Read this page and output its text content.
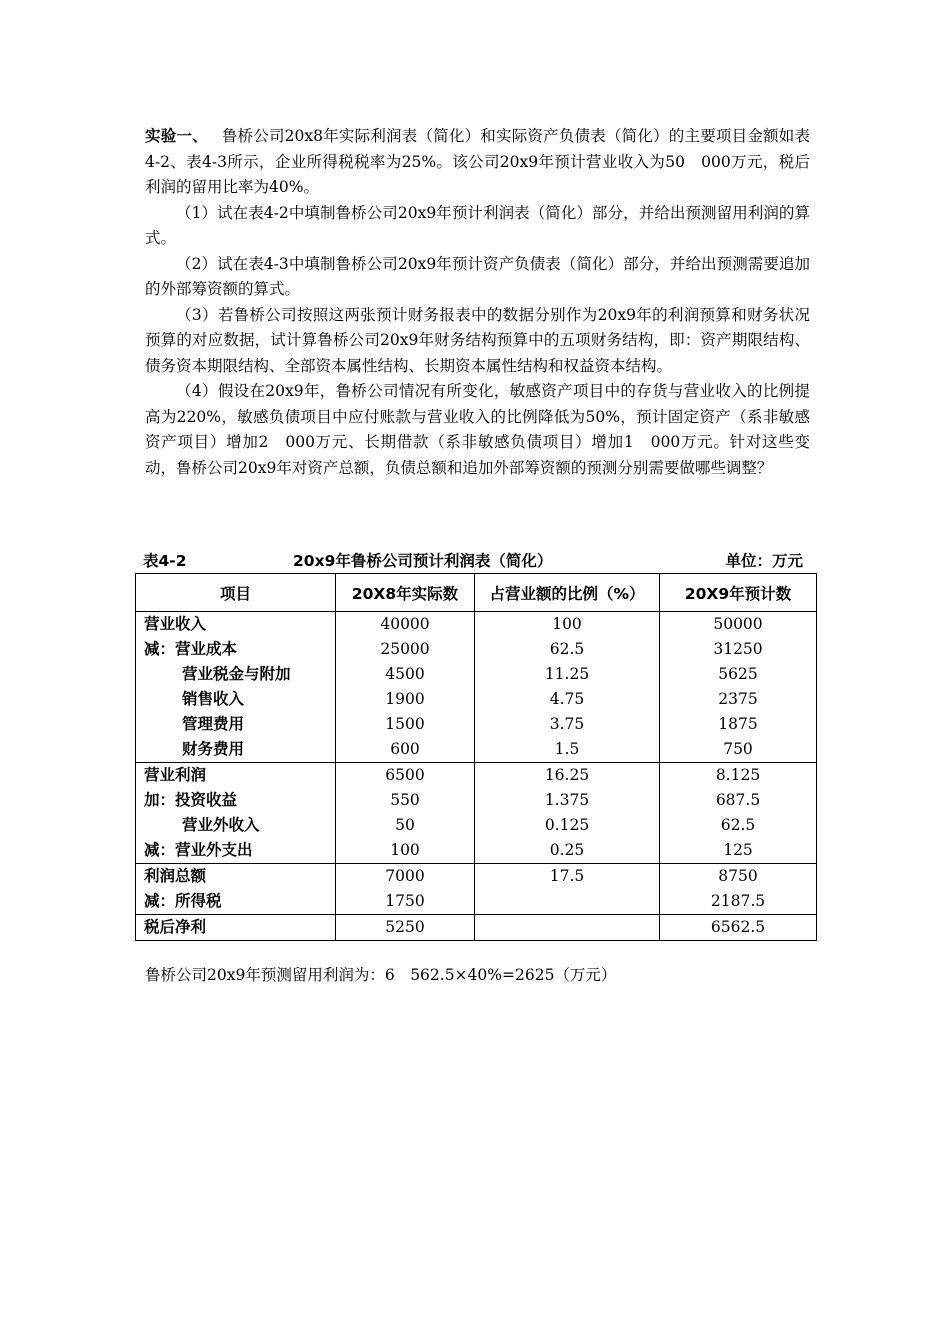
实验一、 鲁桥公司20x8年实际利润表（简化）和实际资产负债表（简化）的主要项目金额如表4-2、表4-3所示，企业所得税税率为25%。该公司20x9年预计营业收入为50　000万元，税后利润的留用比率为40%。

（1）试在表4-2中填制鲁桥公司20x9年预计利润表（简化）部分，并给出预测留用利润的算式。

（2）试在表4-3中填制鲁桥公司20x9年预计资产负债表（简化）部分，并给出预测需要追加的外部筹资额的算式。

（3）若鲁桥公司按照这两张预计财务报表中的数据分别作为20x9年的利润预算和财务状况预算的对应数据，试计算鲁桥公司20x9年财务结构预算中的五项财务结构，即：资产期限结构、债务资本期限结构、全部资本属性结构、长期资本属性结构和权益资本结构。

（4）假设在20x9年，鲁桥公司情况有所变化，敏感资产项目中的存货与营业收入的比例提高为220%，敏感负债项目中应付账款与营业收入的比例降低为50%，预计固定资产（系非敏感资产项目）增加2　000万元、长期借款（系非敏感负债项目）增加1　000万元。针对这些变动，鲁桥公司20x9年对资产总额，负债总额和追加外部筹资额的预测分别需要做哪些调整？

表4-2	20x9年鲁桥公司预计利润表（简化）	单位：万元
项目	20X8年实际数	占营业额的比例（%）	20X9年预计数
营业收入	40000	100	50000
减：营业成本	25000	62.5	31250
营业税金与附加	4500	11.25	5625
销售收入	1900	4.75	2375
管理费用	1500	3.75	1875
财务费用	600	1.5	750
营业利润	6500	16.25	8.125
加：投资收益	550	1.375	687.5
营业外收入	50	0.125	62.5
减：营业外支出	100	0.25	125
利润总额	7000	17.5	8750
减：所得税	1750		2187.5
税后净利	5250		6562.5
鲁桥公司20x9年预测留用利润为：6　562.5×40%=2625（万元）
